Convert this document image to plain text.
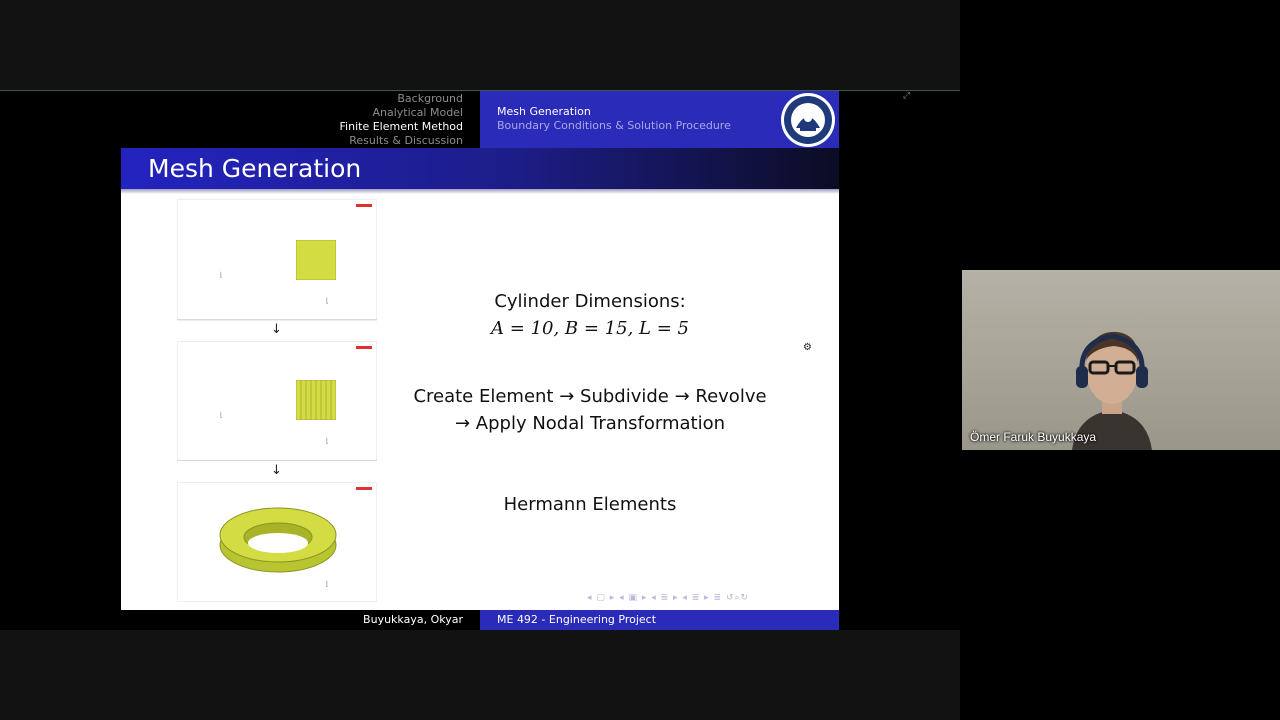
Background
Analytical Model
Finite Element Method
Results & Discussion
Mesh Generation
Boundary Conditions & Solution Procedure
Mesh Generation
⌊
⌊
↓
⌊
⌊
↓
⌊
Cylinder Dimensions:
A = 10, B = 15, L = 5
Create Element → Subdivide → Revolve
→ Apply Nodal Transformation
Hermann Elements
⚙
◂ ▢ ▸ ◂ ▣ ▸ ◂ ≣ ▸ ◂ ≣ ▸ ≣ ↺⌕↻
Buyukkaya, Okyar	ME 492 - Engineering Project
⤢
Ömer Faruk Buyukkaya
